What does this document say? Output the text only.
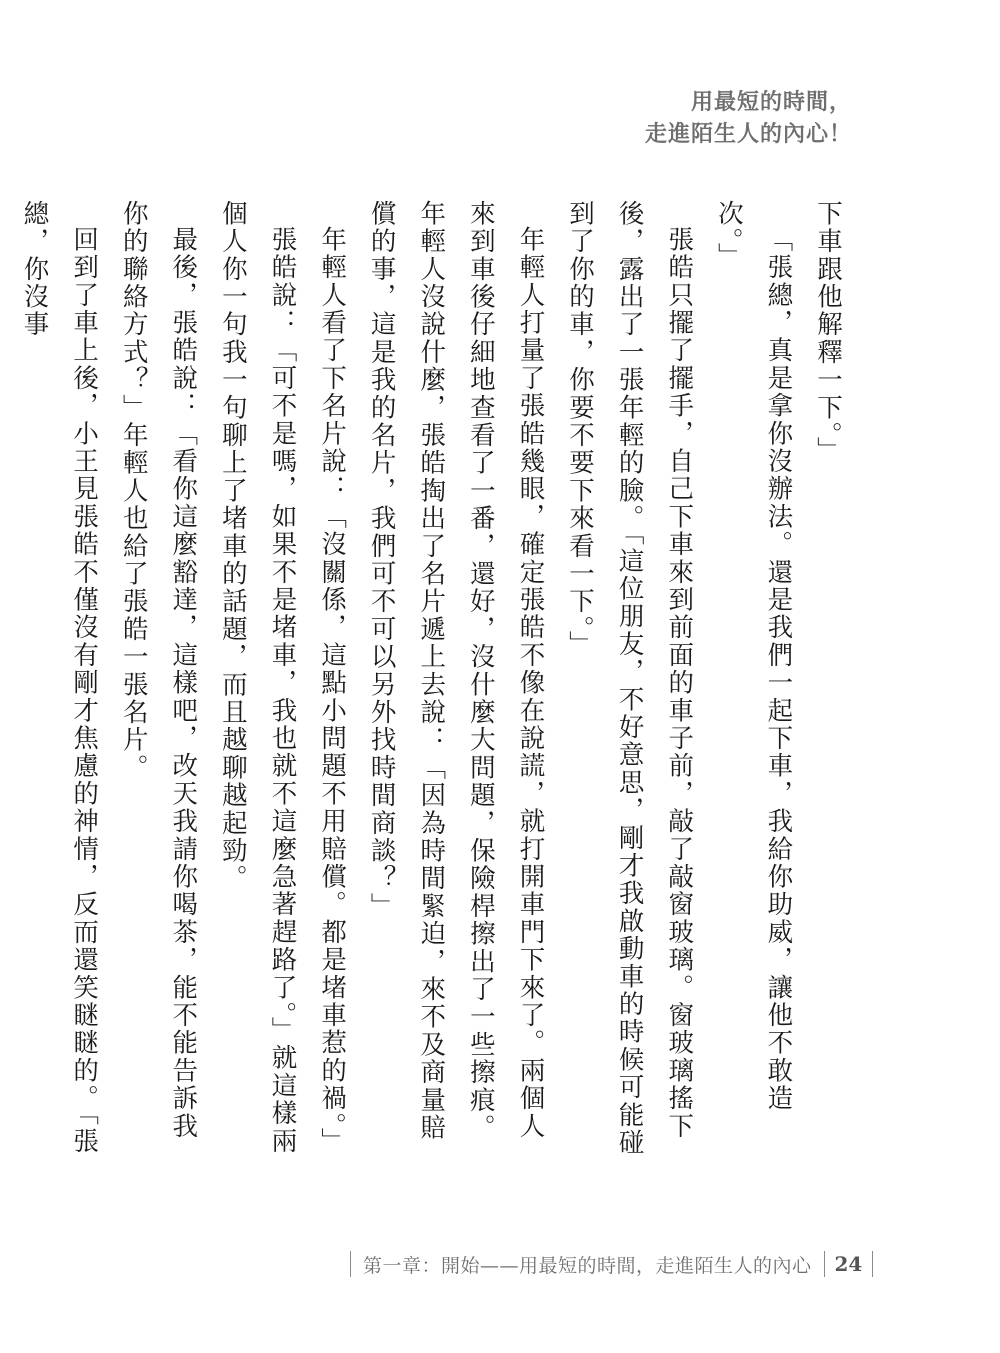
用最短的時間，
走進陌生人的內心！

下車跟他解釋一下。」

「張總，真是拿你沒辦法。還是我們一起下車，我給你助威，讓他不敢造次。」

張皓只擺了擺手，自己下車來到前面的車子前，敲了敲窗玻璃。窗玻璃搖下後，露出了一張年輕的臉。「這位朋友，不好意思，剛才我啟動車的時候可能碰到了你的車，你要不要下來看一下。」

年輕人打量了張皓幾眼，確定張皓不像在說謊，就打開車門下來了。兩個人來到車後仔細地查看了一番，還好，沒什麼大問題，保險桿擦出了一些擦痕。年輕人沒說什麼，張皓掏出了名片遞上去說：「因為時間緊迫，來不及商量賠償的事，這是我的名片，我們可不可以另外找時間商談？」

年輕人看了下名片說：「沒關係，這點小問題不用賠償。都是堵車惹的禍。」

張皓說：「可不是嗎，如果不是堵車，我也就不這麼急著趕路了。」就這樣兩個人你一句我一句聊上了堵車的話題，而且越聊越起勁。

最後，張皓說：「看你這麼豁達，這樣吧，改天我請你喝茶，能不能告訴我你的聯絡方式？」年輕人也給了張皓一張名片。

回到了車上後，小王見張皓不僅沒有剛才焦慮的神情，反而還笑瞇瞇的。「張總，你沒事

第一章：開始——用最短的時間，走進陌生人的內心	24
